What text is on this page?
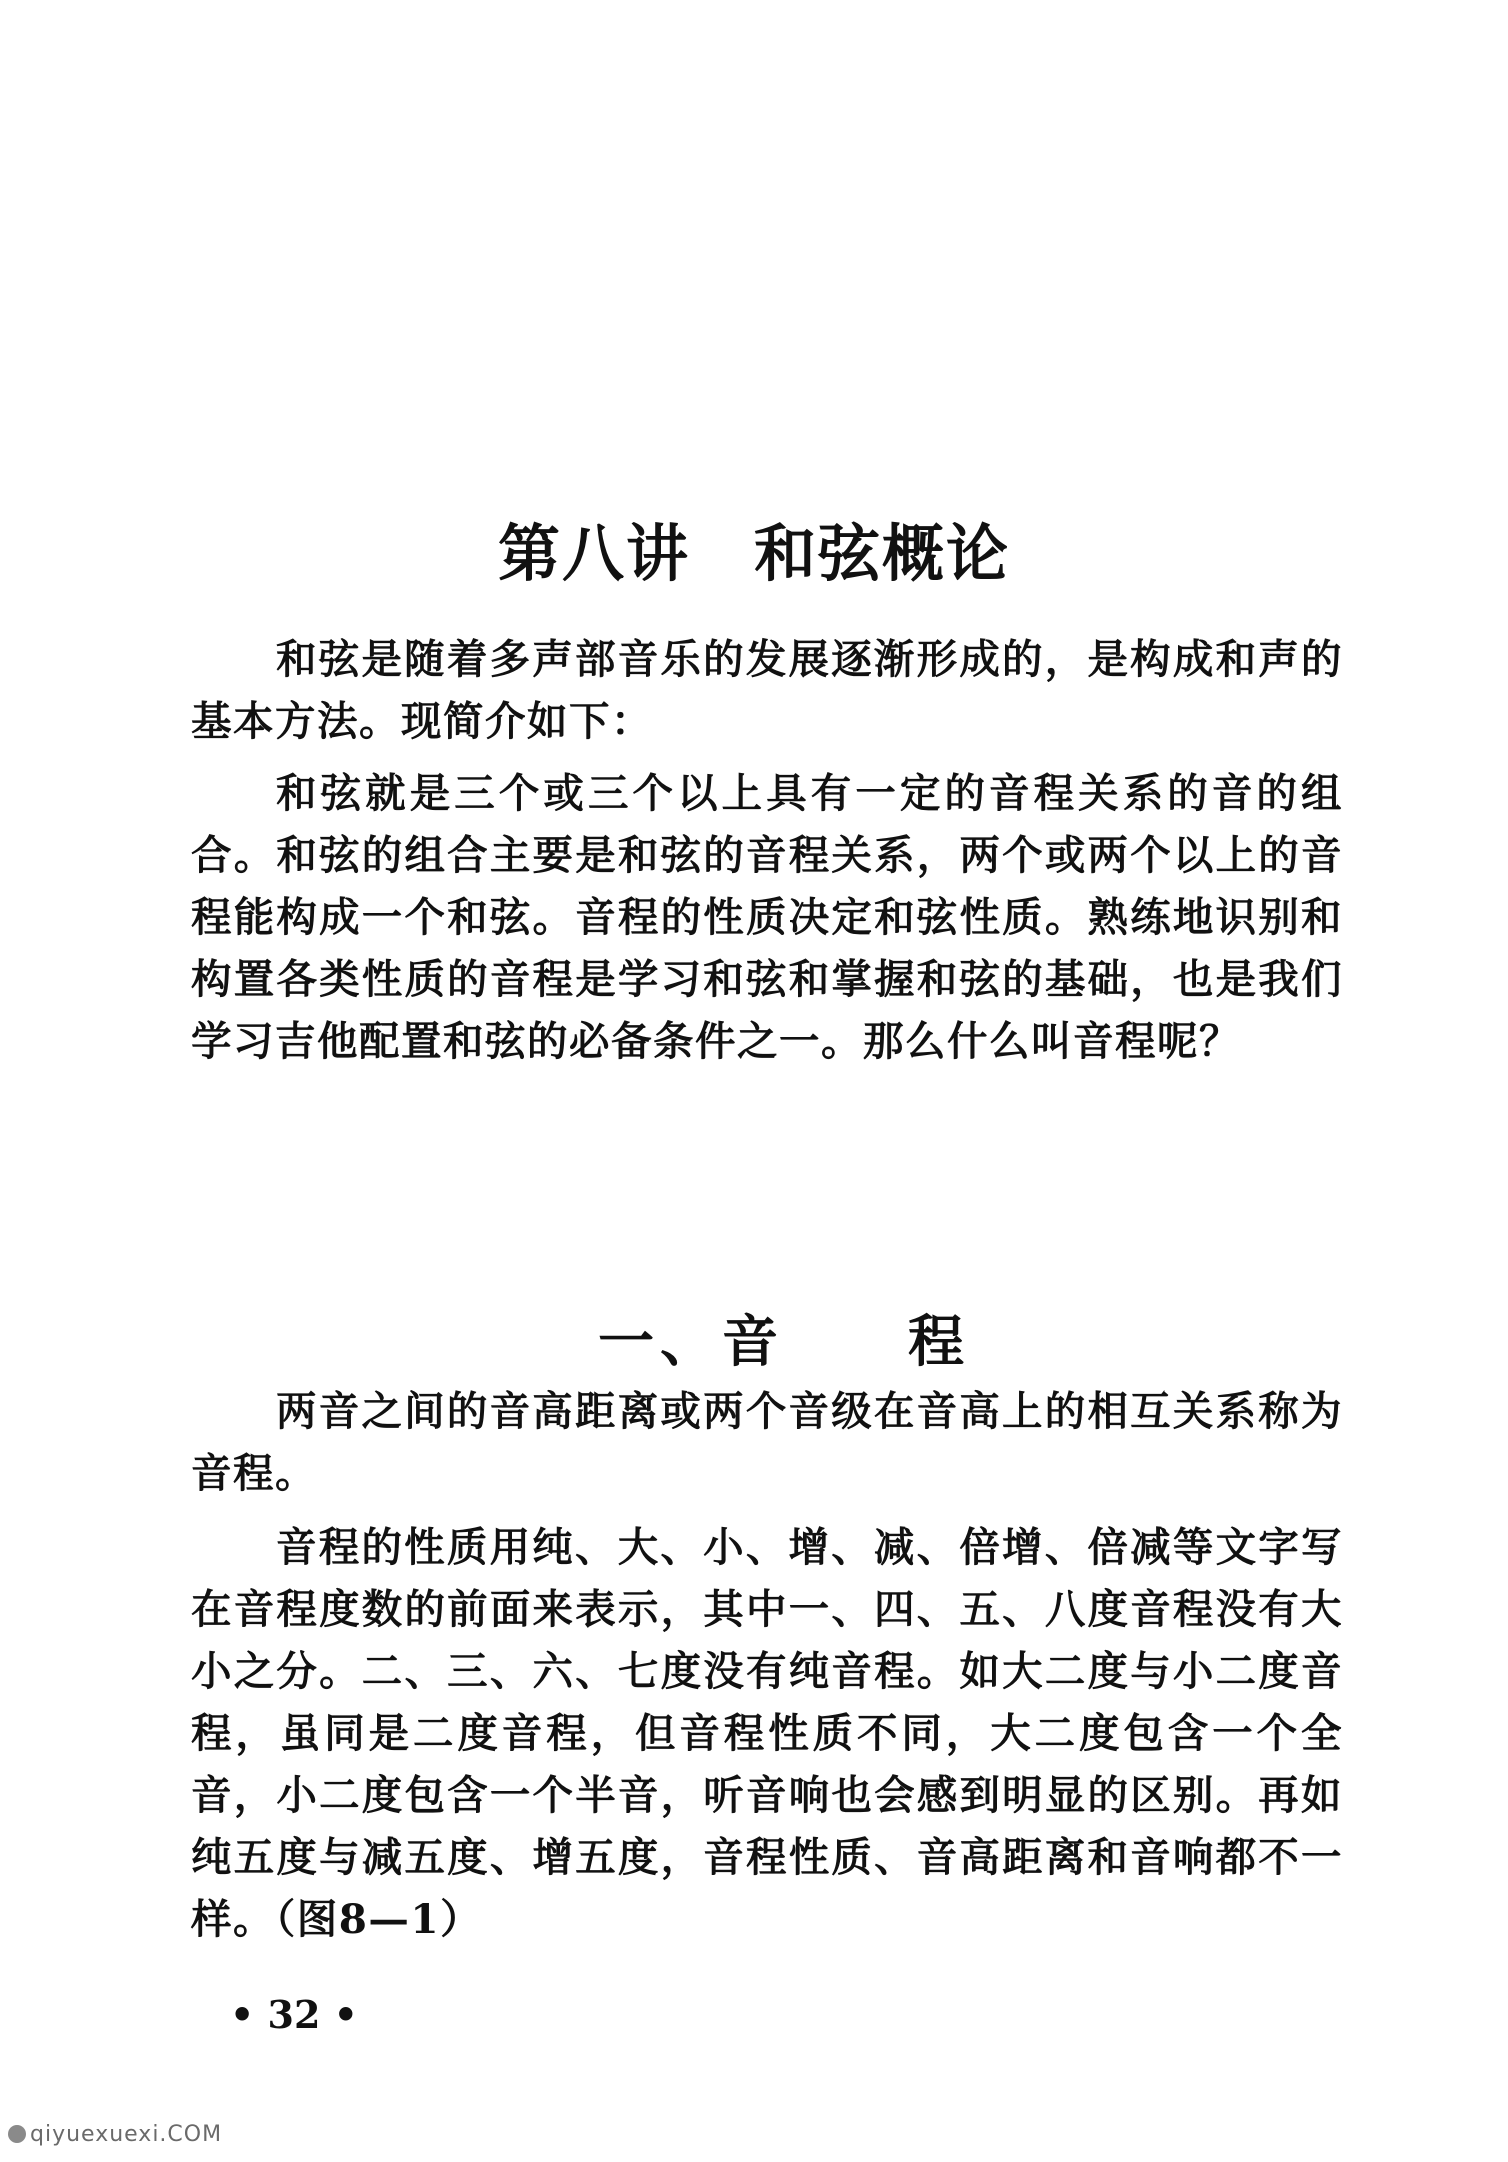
第八讲　和弦概论

和弦是随着多声部音乐的发展逐渐形成的，是构成和声的基本方法。现简介如下：

和弦就是三个或三个以上具有一定的音程关系的音的组合。和弦的组合主要是和弦的音程关系，两个或两个以上的音程能构成一个和弦。音程的性质决定和弦性质。熟练地识别和构置各类性质的音程是学习和弦和掌握和弦的基础，也是我们学习吉他配置和弦的必备条件之一。那么什么叫音程呢？

一、音　　程

两音之间的音高距离或两个音级在音高上的相互关系称为音程。

音程的性质用纯、大、小、增、减、倍增、倍减等文字写在音程度数的前面来表示，其中一、四、五、八度音程没有大小之分。二、三、六、七度没有纯音程。如大二度与小二度音程，虽同是二度音程，但音程性质不同，大二度包含一个全音，小二度包含一个半音，听音响也会感到明显的区别。再如纯五度与减五度、增五度，音程性质、音高距离和音响都不一样。（图8—1）

• 32 •
qiyuexuexi.COM
